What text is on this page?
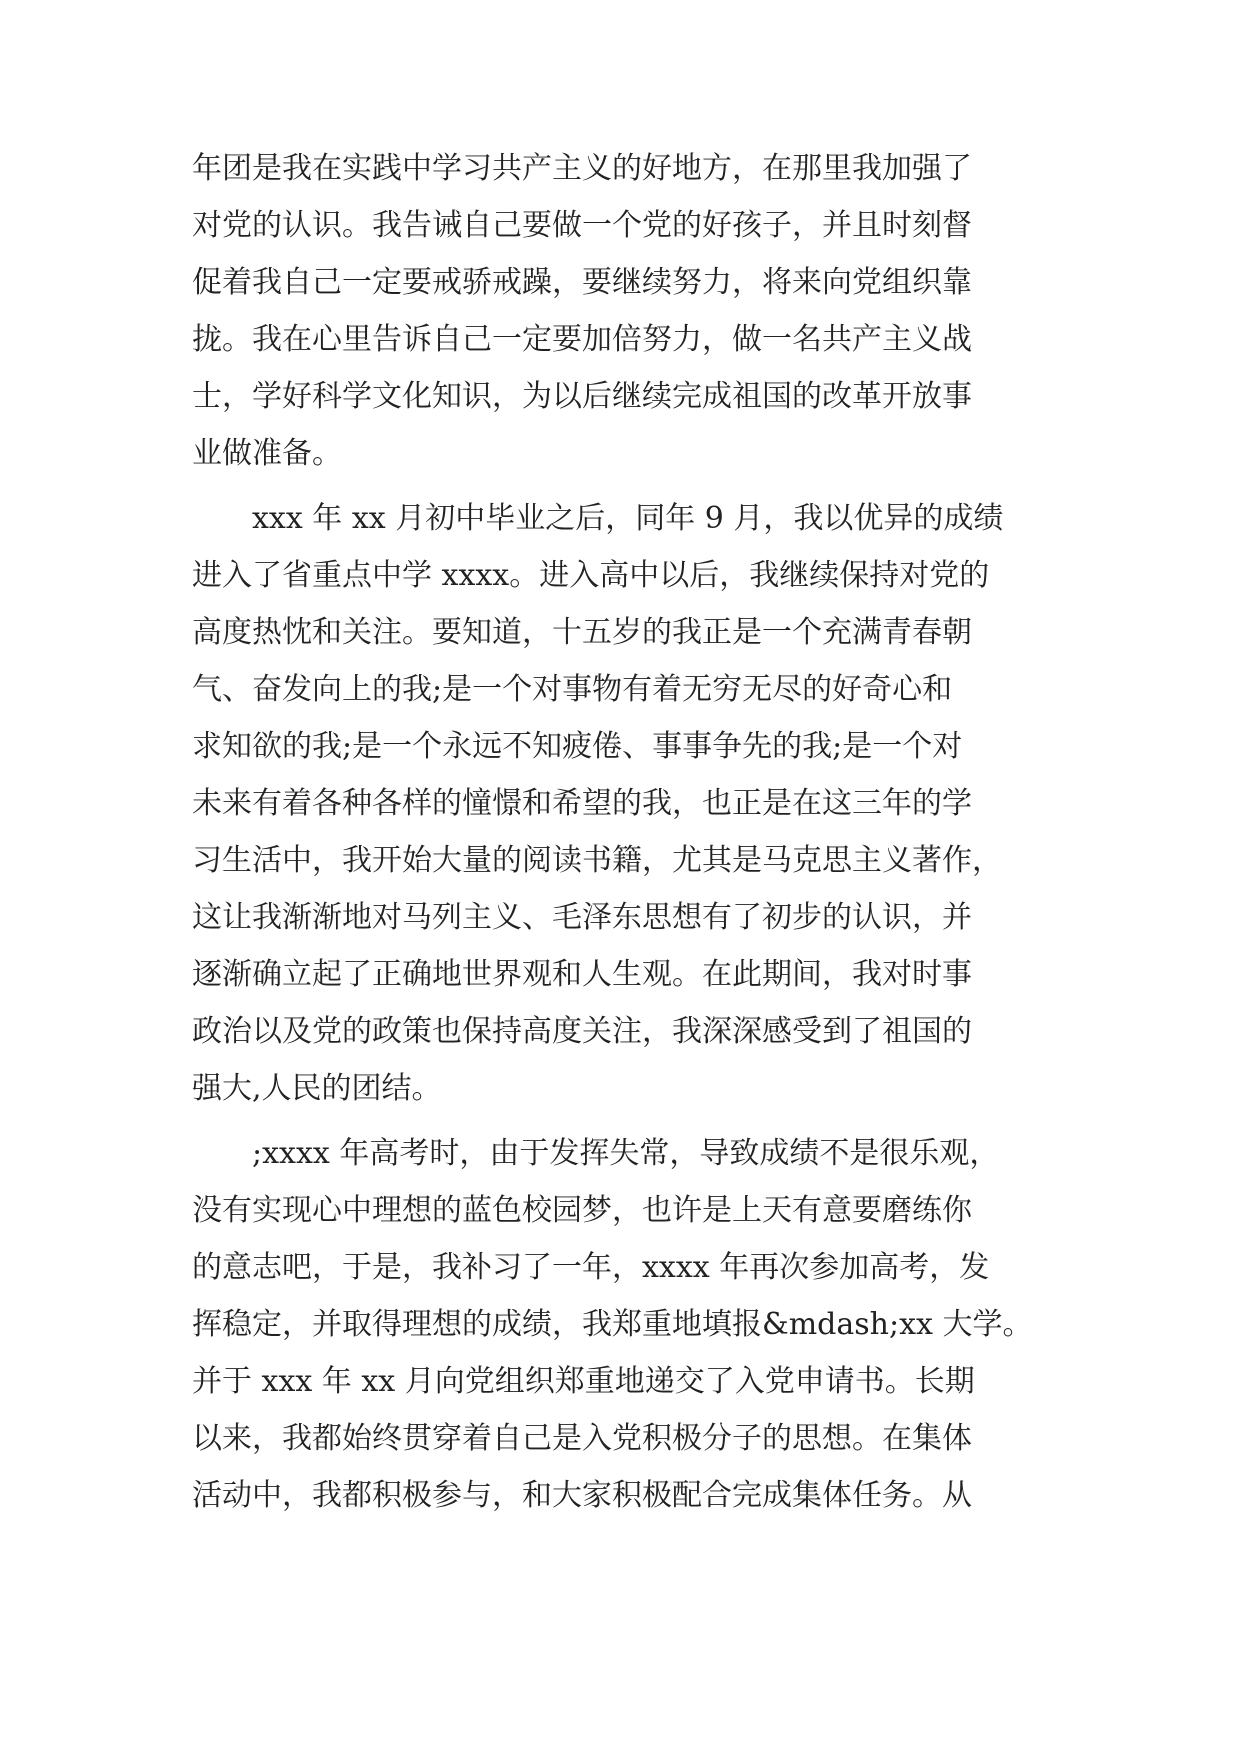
年团是我在实践中学习共产主义的好地方，在那里我加强了
对党的认识。我告诫自己要做一个党的好孩子，并且时刻督
促着我自己一定要戒骄戒躁，要继续努力，将来向党组织靠
拢。我在心里告诉自己一定要加倍努力，做一名共产主义战
士，学好科学文化知识，为以后继续完成祖国的改革开放事
业做准备。
　　xxx 年 xx 月初中毕业之后，同年 9 月，我以优异的成绩
进入了省重点中学 xxxx。进入高中以后，我继续保持对党的
高度热忱和关注。要知道，十五岁的我正是一个充满青春朝
气、奋发向上的我;是一个对事物有着无穷无尽的好奇心和
求知欲的我;是一个永远不知疲倦、事事争先的我;是一个对
未来有着各种各样的憧憬和希望的我，也正是在这三年的学
习生活中，我开始大量的阅读书籍，尤其是马克思主义著作，
这让我渐渐地对马列主义、毛泽东思想有了初步的认识，并
逐渐确立起了正确地世界观和人生观。在此期间，我对时事
政治以及党的政策也保持高度关注，我深深感受到了祖国的
强大,人民的团结。
　　;xxxx 年高考时，由于发挥失常，导致成绩不是很乐观，
没有实现心中理想的蓝色校园梦，也许是上天有意要磨练你
的意志吧，于是，我补习了一年，xxxx 年再次参加高考，发
挥稳定，并取得理想的成绩，我郑重地填报&mdash;xx 大学。
并于 xxx 年 xx 月向党组织郑重地递交了入党申请书。长期
以来，我都始终贯穿着自己是入党积极分子的思想。在集体
活动中，我都积极参与，和大家积极配合完成集体任务。从
